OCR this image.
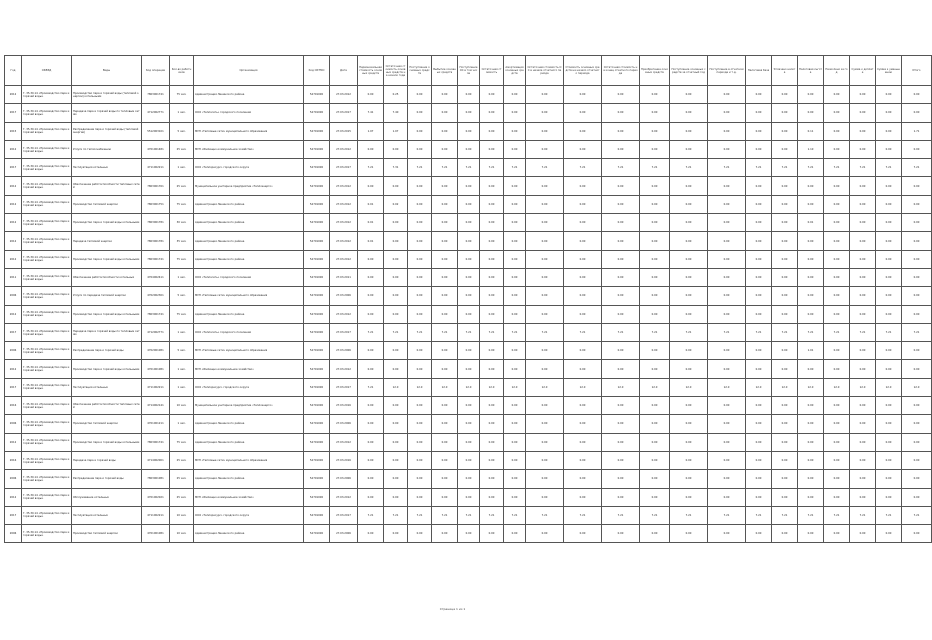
Год	ОКВЭД	Виды	Код операции	Кол-во работников	Организация	Код ОКТМО	Дата	Первоначальная стоимость основных средств	Остаточная стоимость основных средств на начало года	Поступление основных средств	Выбытие основных средств	Поступление ОС в том числе	Остаточная стоимость	Амортизация основных средств	Остаточная стоимость ОС в начале отчетного периода	Стоимость основных средств на начало отчетного периода	Остаточная стоимость на конец отчетного периода	Приобретение основных средств	Поступление основных средств за отчетный год	Поступление в отчетном периоде и т.д.	Налоговая база	Уплачено налога	Налоговая льгота	Начислено за год	Сумма к доплате	Сумма к уменьшению	Итого
2012	Г. 35.30.14 «Производство пара и горячей воды»	Производство пара и горячей воды (тепловой энергии) котельными	7803001741	75 чел.	Администрация Ленинского района	54701000	27.03.2012	0.00	0.25	0.00	0.00	0.00	0.00	0.00	0.00	0.00	0.00	0.00	0.00	0.00	0.00	0.00	0.00	0.00	0.00	0.00	0.00
2017	Г. 35.30.14 «Производство пара и горячей воды»	Передача пара и горячей воды по тепловым сетям	4712002771	1 чел.	ООО «Теплосеть» городского поселения	54701000	27.03.2017	7.41	7.40	0.00	0.00	0.00	0.00	0.00	0.00	0.00	0.00	0.00	0.00	0.00	0.00	0.00	0.00	0.00	0.00	0.00	0.00
2015	Г. 35.30.14 «Производство пара и горячей воды»	Распределение пара и горячей воды (тепловой энергии)	5512003101	5 чел.	МУП «Тепловые сети» муниципального образования	54701000	27.03.2015	1.07	1.07	0.00	0.00	0.00	0.00	0.00	0.00	0.00	0.00	0.00	0.00	0.00	0.00	0.00	0.11	0.00	0.00	0.00	1.71
2012	Г. 35.30.14 «Производство пара и горячей воды»	Услуги по теплоснабжению	4701001481	25 чел.	МУП «Жилищно-коммунальное хозяйство»	54701000	27.03.2012	0.00	0.00	0.00	0.00	0.00	0.00	0.00	0.00	0.00	0.00	0.00	0.00	0.00	0.00	0.00	1.10	0.00	0.00	0.00	0.00
2017	Г. 35.30.14 «Производство пара и горячей воды»	Эксплуатация котельных	4711002211	1 чел.	ООО «Теплоресурс» городского округа	54701000	27.03.2017	7.21	7.31	7.21	7.21	7.21	7.21	7.21	7.21	7.21	7.21	7.21	7.21	7.21	7.21	7.21	7.21	7.21	7.21	7.21	7.21
2012	Г. 35.30.14 «Производство пара и горячей воды»	Обеспечение работоспособности тепловых сетей	7803001761	25 чел.	Муниципальное унитарное предприятие «Теплоэнерго»	54701000	27.03.2012	0.00	0.00	0.00	0.00	0.00	0.00	0.00	0.00	0.00	0.00	0.00	0.00	0.00	0.00	0.00	0.00	0.00	0.00	0.00	0.00
2012	Г. 35.30.14 «Производство пара и горячей воды»	Производство тепловой энергии	7803001751	75 чел.	Администрация Ленинского района	54701000	27.03.2012	0.01	0.02	0.00	0.00	0.00	0.00	0.00	0.00	0.00	0.00	0.00	0.00	0.00	0.00	0.00	0.00	0.00	0.00	0.00	0.00
2012	Г. 35.30.14 «Производство пара и горячей воды»	Производство пара и горячей воды котельными	7803001781	30 чел.	Администрация Ленинского района	54701000	27.03.2012	0.01	0.00	0.00	0.00	0.00	0.00	0.00	0.00	0.00	0.00	0.00	0.00	0.00	0.00	0.00	0.01	0.00	0.00	0.00	0.00
2012	Г. 35.30.14 «Производство пара и горячей воды»	Передача тепловой энергии	7803001781	35 чел.	Администрация Ленинского района	54701000	27.03.2012	0.01	0.00	0.00	0.00	0.00	0.00	0.00	0.00	0.00	0.00	0.00	0.00	0.00	0.00	0.00	0.00	0.00	0.00	0.00	0.00
2012	Г. 35.30.14 «Производство пара и горячей воды»	Производство пара и горячей воды котельными	7803001741	75 чел.	Администрация Ленинского района	54701000	27.03.2012	0.00	0.00	0.00	0.00	0.00	0.00	0.00	0.00	0.00	0.00	0.00	0.00	0.00	0.00	0.00	0.00	0.00	0.00	0.00	0.00
2011	Г. 35.30.14 «Производство пара и горячей воды»	Обеспечение работоспособности котельных	4704002411	1 чел.	ООО «Теплосеть» городского поселения	54701000	27.03.2011	0.00	0.00	0.00	0.00	0.00	0.00	0.00	0.00	0.00	0.00	0.00	0.00	0.00	0.00	0.00	0.00	0.00	0.00	0.00	0.00
2006	Г. 35.30.14 «Производство пара и горячей воды»	Услуги по передаче тепловой энергии	4702002301	5 чел.	МУП «Тепловые сети» муниципального образования	54701000	27.03.2006	0.00	0.00	0.00	0.00	0.00	0.00	0.00	0.00	0.00	0.00	0.00	0.00	0.00	0.00	0.00	0.00	0.00	0.00	0.00	0.00
2012	Г. 35.30.14 «Производство пара и горячей воды»	Производство пара и горячей воды котельными	7803001741	75 чел.	Администрация Ленинского района	54701000	27.03.2012	0.00	0.00	0.00	0.00	0.00	0.00	0.00	0.00	0.00	0.00	0.00	0.00	0.00	0.00	0.00	0.00	0.00	0.00	0.00	0.00
2017	Г. 35.30.14 «Производство пара и горячей воды»	Передача пара и горячей воды по тепловым сетям	4712002771	1 чел.	ООО «Теплосеть» городского поселения	54701000	27.03.2017	7.21	7.21	7.21	7.21	7.21	7.21	7.21	7.21	7.21	7.21	7.21	7.21	7.21	7.21	7.21	7.21	7.21	7.21	7.21	7.21
2006	Г. 35.30.14 «Производство пара и горячей воды»	Распределение пара и горячей воды	4702001081	5 чел.	МУП «Тепловые сети» муниципального образования	54701000	27.03.2006	0.00	0.00	0.00	0.00	0.00	0.00	0.00	0.00	0.00	0.00	0.00	0.00	0.00	0.00	0.00	1.01	0.00	0.00	0.00	0.00
2012	Г. 35.30.14 «Производство пара и горячей воды»	Производство пара и горячей воды котельными	4701001081	1 чел.	МУП «Жилищно-коммунальное хозяйство»	54701000	27.03.2012	0.00	0.00	0.00	0.00	0.00	0.00	0.00	0.00	0.00	0.00	0.00	0.00	0.00	0.00	0.00	0.00	0.00	0.00	0.00	0.00
2017	Г. 35.30.14 «Производство пара и горячей воды»	Эксплуатация котельных	4711002211	1 чел.	ООО «Теплоресурс» городского округа	54701000	27.03.2017	7.21	12.0	12.0	12.0	12.0	12.0	12.0	12.0	12.0	12.0	12.0	12.0	12.0	12.0	12.0	12.0	12.0	12.0	12.0	12.0
2016	Г. 35.30.14 «Производство пара и горячей воды»	Обеспечение работоспособности тепловых сетей	4714002141	10 чел.	Муниципальное унитарное предприятие «Теплоэнерго»	54701000	27.03.2016	0.00	0.00	0.00	0.00	0.00	0.00	0.00	0.00	0.00	0.00	0.00	0.00	0.00	0.00	0.00	0.00	0.00	0.00	0.00	0.00
2006	Г. 35.30.14 «Производство пара и горячей воды»	Производство тепловой энергии	4701001211	1 чел.	Администрация Ленинского района	54701000	27.03.2006	0.00	0.00	0.00	0.00	0.00	0.00	0.00	0.00	0.00	0.00	0.00	0.00	0.00	0.00	0.00	0.00	0.00	0.00	0.00	0.00
2012	Г. 35.30.14 «Производство пара и горячей воды»	Производство пара и горячей воды котельными	7803001741	75 чел.	Администрация Ленинского района	54701000	27.03.2012	0.00	0.00	0.00	0.00	0.00	0.00	0.00	0.00	0.00	0.00	0.00	0.00	0.00	0.00	0.00	0.00	0.00	0.00	0.00	0.00
2016	Г. 35.30.14 «Производство пара и горячей воды»	Передача пара и горячей воды	4714002001	25 чел.	МУП «Тепловые сети» муниципального образования	54701000	27.03.2016	0.00	0.00	0.00	0.00	0.00	0.00	0.00	0.00	0.00	0.00	0.00	0.00	0.00	0.00	0.00	0.00	0.00	0.00	0.00	0.00
2006	Г. 35.30.14 «Производство пара и горячей воды»	Распределение пара и горячей воды	7803001081	25 чел.	Администрация Ленинского района	54701000	27.03.2006	0.00	0.00	0.00	0.00	0.00	0.00	0.00	0.00	0.00	0.00	0.00	0.00	0.00	0.00	0.00	0.00	0.00	0.00	0.00	0.00
2012	Г. 35.30.14 «Производство пара и горячей воды»	Обслуживание котельных	4701002021	25 чел.	МУП «Жилищно-коммунальное хозяйство»	54701000	27.03.2012	0.00	0.00	0.00	0.00	0.00	0.00	0.00	0.00	0.00	0.00	0.00	0.00	0.00	0.00	0.00	0.00	0.00	0.00	0.00	0.00
2017	Г. 35.30.14 «Производство пара и горячей воды»	Эксплуатация котельных	4711002211	10 чел.	ООО «Теплоресурс» городского округа	54701000	27.03.2017	7.21	7.21	7.21	7.21	7.21	7.21	7.21	7.21	7.21	7.21	7.21	7.21	7.21	7.21	7.21	7.21	7.21	7.21	7.21	7.21
2006	Г. 35.30.14 «Производство пара и горячей воды»	Производство тепловой энергии	4701001081	10 чел.	Администрация Ленинского района	54701000	27.03.2006	0.00	0.00	0.00	0.00	0.00	0.00	0.00	0.00	0.00	0.00	0.00	0.00	0.00	0.00	0.00	0.00	0.00	0.00	0.00	0.00
Страница 1 из 1
